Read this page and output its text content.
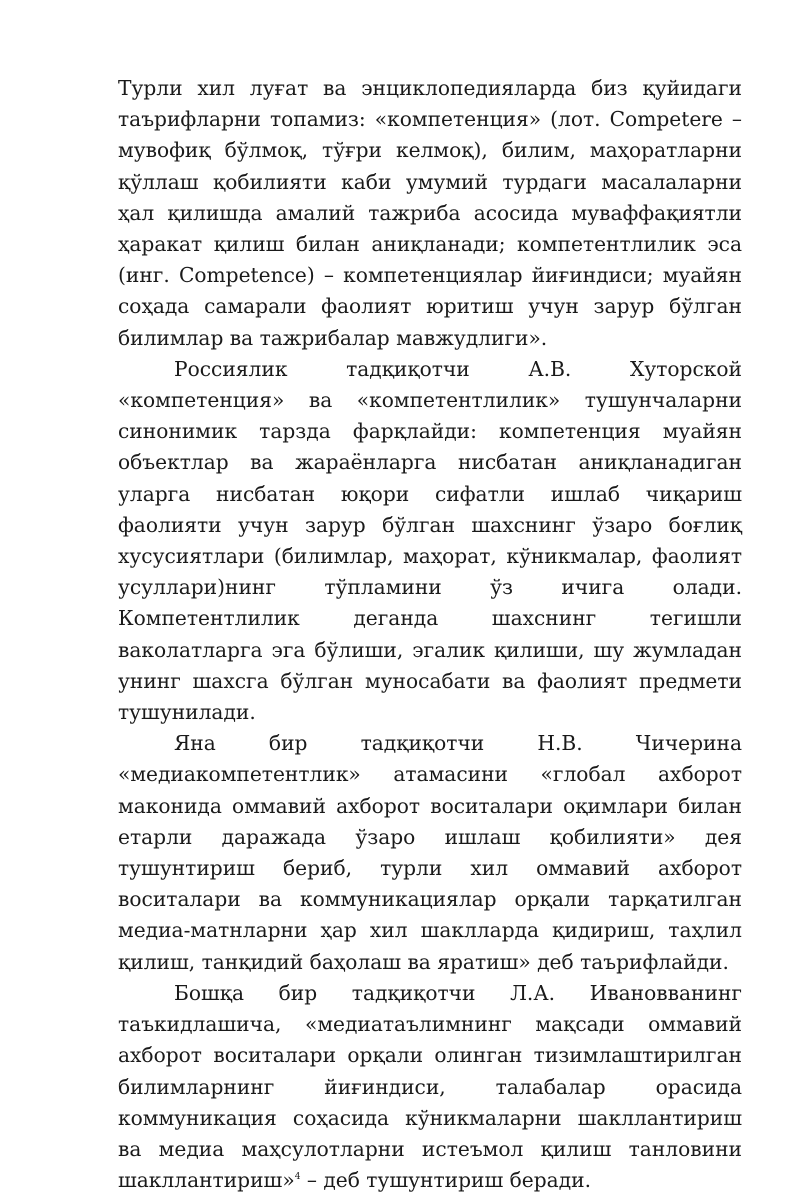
Турли хил луғат ва энциклопедияларда биз қуйидаги таърифларни топамиз: «компетенция» (лот. Competere – мувофиқ бўлмоқ, тўғри келмоқ), билим, маҳоратларни қўллаш қобилияти каби умумий турдаги масалаларни ҳал қилишда амалий тажриба асосида муваффақиятли ҳаракат қилиш билан аниқланади; компетентлилик эса (инг. Competence) – компетенциялар йиғиндиси; муайян соҳада самарали фаолият юритиш учун зарур бўлган билимлар ва тажрибалар мавжудлиги».

Россиялик тадқиқотчи А.В. Хуторской «компетенция» ва «компетентлилик» тушунчаларни синонимик тарзда фарқлайди: компетенция муайян объектлар ва жараёнларга нисбатан аниқланадиган уларга нисбатан юқори сифатли ишлаб чиқариш фаолияти учун зарур бўлган шахснинг ўзаро боғлиқ хусусиятлари (билимлар, маҳорат, кўникмалар, фаолият усуллари)нинг тўпламини ўз ичига олади. Компетентлилик деганда шахснинг тегишли ваколатларга эга бўлиши, эгалик қилиши, шу жумладан унинг шахсга бўлган муносабати ва фаолият предмети тушунилади.

Яна бир тадқиқотчи Н.В. Чичерина «медиакомпетентлик» атамасини «глобал ахборот маконида оммавий ахборот воситалари оқимлари билан етарли даражада ўзаро ишлаш қобилияти» дея тушунтириш бериб, турли хил оммавий ахборот воситалари ва коммуникациялар орқали тарқатилган медиа-матнларни ҳар хил шаклларда қидириш, таҳлил қилиш, танқидий баҳолаш ва яратиш» деб таърифлайди.

Бошқа бир тадқиқотчи Л.А. Ивановванинг таъкидлашича, «медиатаълимнинг мақсади оммавий ахборот воситалари орқали олинган тизимлаштирилган билимларнинг йиғиндиси, талабалар орасида коммуникация соҳасида кўникмаларни шакллантириш ва медиа маҳсулотларни истеъмол қилиш танловини шакллантириш»$^4$ – деб тушунтириш беради.
